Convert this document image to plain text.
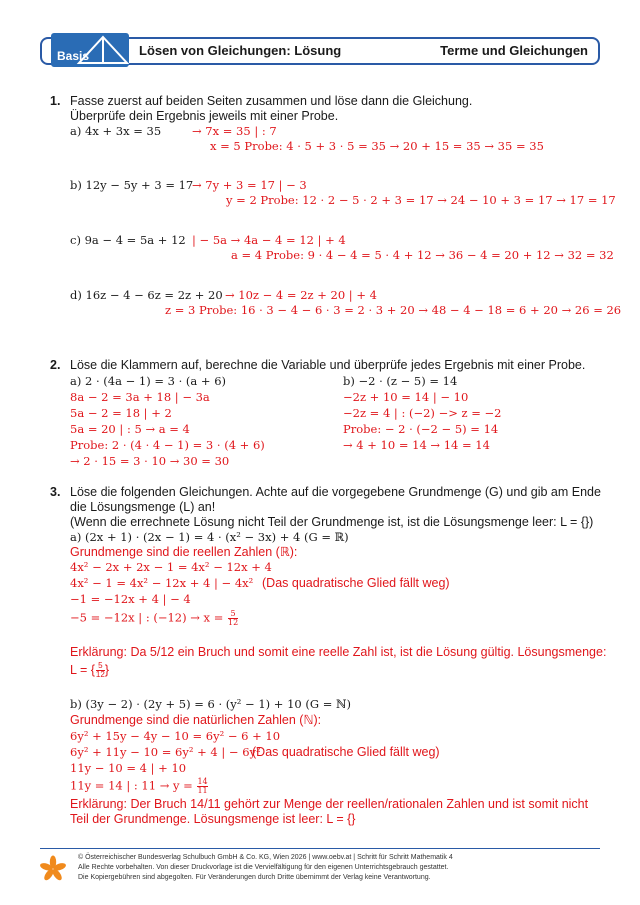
Basis	Lösen von Gleichungen: Lösung	Terme und Gleichungen
1. Fasse zuerst auf beiden Seiten zusammen und löse dann die Gleichung.
Überprüfe dein Ergebnis jeweils mit einer Probe.
a) 4x + 3x = 35	→ 7x = 35 | : 7
x = 5 Probe: 4 · 5 + 3 · 5 = 35 → 20 + 15 = 35 → 35 = 35
b) 12y − 5y + 3 = 17
→ 7y + 3 = 17 | − 3
y = 2 Probe: 12 · 2 − 5 · 2 + 3 = 17 → 24 − 10 + 3 = 17 → 17 = 17
c) 9a − 4 = 5a + 12 | − 5a → 4a − 4 = 12 | + 4
a = 4 Probe: 9 · 4 − 4 = 5 · 4 + 12 → 36 − 4 = 20 + 12 → 32 = 32
d) 16z − 4 − 6z = 2z + 20 → 10z − 4 = 2z + 20 | + 4
z = 3 Probe: 16 · 3 − 4 − 6 · 3 = 2 · 3 + 20 → 48 − 4 − 18 = 6 + 20 → 26 = 26
2. Löse die Klammern auf, berechne die Variable und überprüfe jedes Ergebnis mit einer Probe.
a) 2 · (4a − 1) = 3 · (a + 6)
8a − 2 = 3a + 18 | − 3a
5a − 2 = 18 | + 2
5a = 20 | : 5 → a = 4
Probe: 2 · (4 · 4 − 1) = 3 · (4 + 6)
→ 2 · 15 = 3 · 10 → 30 = 30
b) −2 · (z − 5) = 14
−2z + 10 = 14 | − 10
−2z = 4 | : (−2) −> z = −2
Probe: − 2 · (−2 − 5) = 14
→ 4 + 10 = 14 → 14 = 14
3. Löse die folgenden Gleichungen. Achte auf die vorgegebene Grundmenge (G) und gib am Ende
die Lösungsmenge (L) an!
(Wenn die errechnete Lösung nicht Teil der Grundmenge ist, ist die Lösungsmenge leer: L = {})
a) (2x + 1) · (2x − 1) = 4 · (x² − 3x) + 4 (G = ℝ)
Grundmenge sind die reellen Zahlen (ℝ):
4x² − 2x + 2x − 1 = 4x² − 12x + 4
4x² − 1 = 4x² − 12x + 4 | − 4x² (Das quadratische Glied fällt weg)
−1 = −12x + 4 | − 4
−5 = −12x | : $(-12) \to x = \frac{5}{12}$
Erklärung: Da 5/12 ein Bruch und somit eine reelle Zahl ist, ist die Lösung gültig. Lösungsmenge:
L = { $\frac{5}{12}$ }
b) (3y − 2) · (2y + 5) = 6 · (y² − 1) + 10 (G = ℕ)
Grundmenge sind die natürlichen Zahlen (ℕ):
6y² + 15y − 4y − 10 = 6y² − 6 + 10
6y² + 11y − 10 = 6y² + 4 | − 6y²
(Das quadratische Glied fällt weg)
11y − 10 = 4 | + 10
11y = 14 | : $11 \to y = \frac{14}{11}$
Erklärung: Der Bruch 14/11 gehört zur Menge der reellen/rationalen Zahlen und ist somit nicht
Teil der Grundmenge. Lösungsmenge ist leer: L = {}
© Österreichischer Bundesverlag Schulbuch GmbH & Co. KG, Wien 2026 | www.oebv.at | Schritt für Schritt Mathematik 4
Alle Rechte vorbehalten. Von dieser Druckvorlage ist die Vervielfältigung für den eigenen Unterrichtsgebrauch gestattet.
Die Kopiergebühren sind abgegolten. Für Veränderungen durch Dritte übernimmt der Verlag keine Verantwortung.
